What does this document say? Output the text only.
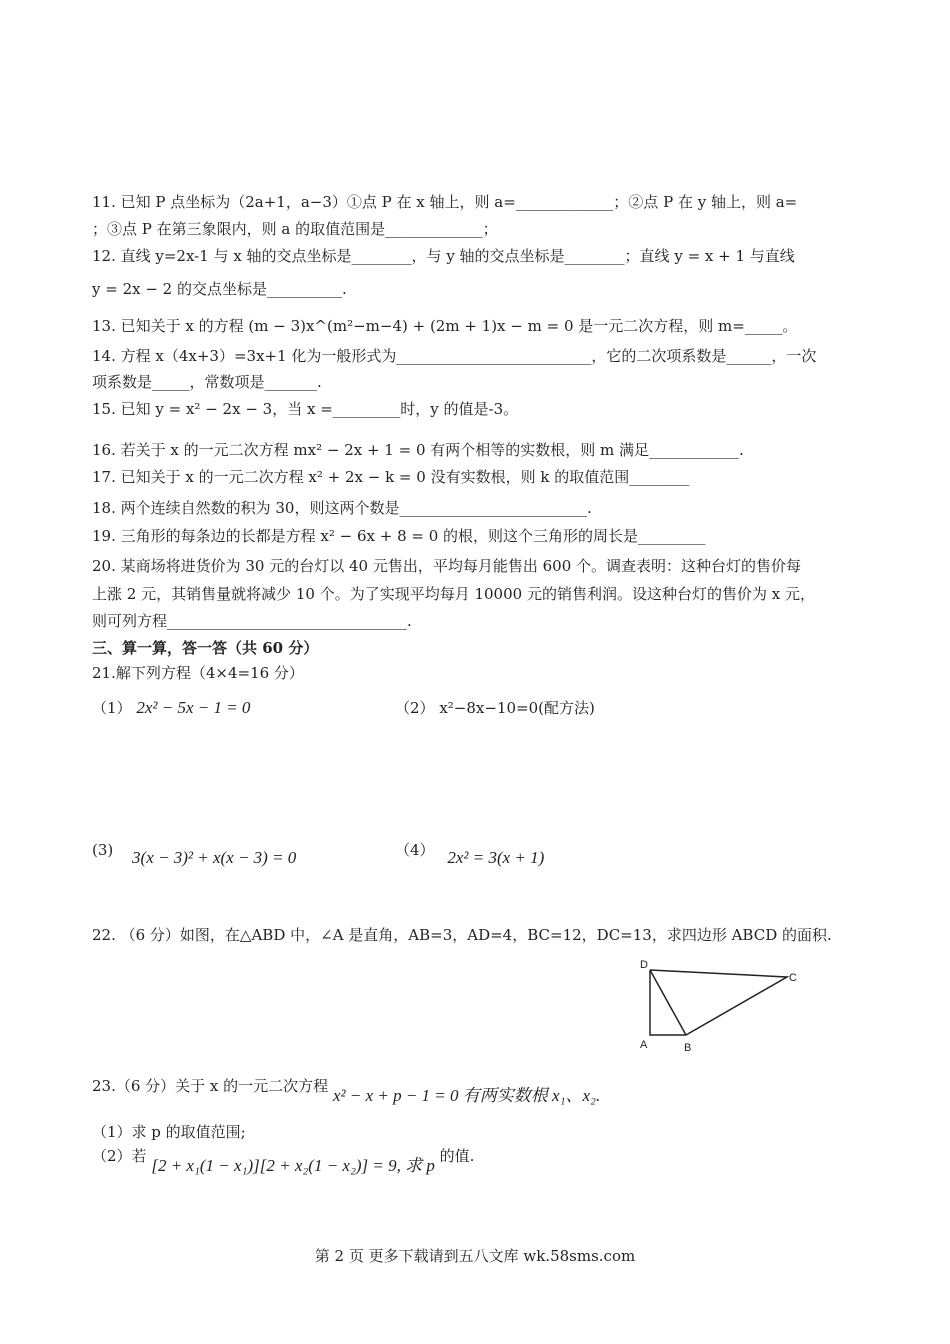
11. 已知 P 点坐标为（2a+1，a−3）①点 P 在 x 轴上，则 a=_____________；②点 P 在 y 轴上，则 a=
；③点 P 在第三象限内，则 a 的取值范围是_____________；
12. 直线 y=2x-1 与 x 轴的交点坐标是________，与 y 轴的交点坐标是________；直线 y = x + 1 与直线
y = 2x − 2 的交点坐标是__________.
13. 已知关于 x 的方程 (m − 3)x^(m²−m−4) + (2m + 1)x − m = 0 是一元二次方程，则 m=_____。
14. 方程 x（4x+3）=3x+1 化为一般形式为__________________________，它的二次项系数是______，一次
项系数是_____，常数项是_______.
15. 已知 y = x² − 2x − 3，当 x =_________时，y 的值是-3。
16. 若关于 x 的一元二次方程 mx² − 2x + 1 = 0 有两个相等的实数根，则 m 满足____________.
17. 已知关于 x 的一元二次方程 x² + 2x − k = 0 没有实数根，则 k 的取值范围________
18. 两个连续自然数的积为 30，则这两个数是_________________________.
19. 三角形的每条边的长都是方程 x² − 6x + 8 = 0 的根，则这个三角形的周长是_________
20. 某商场将进货价为 30 元的台灯以 40 元售出，平均每月能售出 600 个。调查表明：这种台灯的售价每
上涨 2 元，其销售量就将减少 10 个。为了实现平均每月 10000 元的销售利润。设这种台灯的售价为 x 元，
则可列方程________________________________.
三、算一算，答一答（共 60 分）
21.解下列方程（4×4=16 分）
（1） 2x² − 5x − 1 = 0	（2） x²−8x−10=0(配方法)
(3) 3(x − 3)² + x(x − 3) = 0	（4） 2x² = 3(x + 1)
22. （6 分）如图，在△ABD 中，∠A 是直角，AB=3，AD=4，BC=12，DC=13，求四边形 ABCD 的面积.
D
C
A	B
23.（6 分）关于 x 的一元二次方程 x² − x + p − 1 = 0 有两实数根 x₁、x₂.
（1）求 p 的取值范围;
（2）若 [2 + x₁(1 − x₁)][2 + x₂(1 − x₂)] = 9, 求 p 的值.
第 2 页 更多下载请到五八文库 wk.58sms.com
